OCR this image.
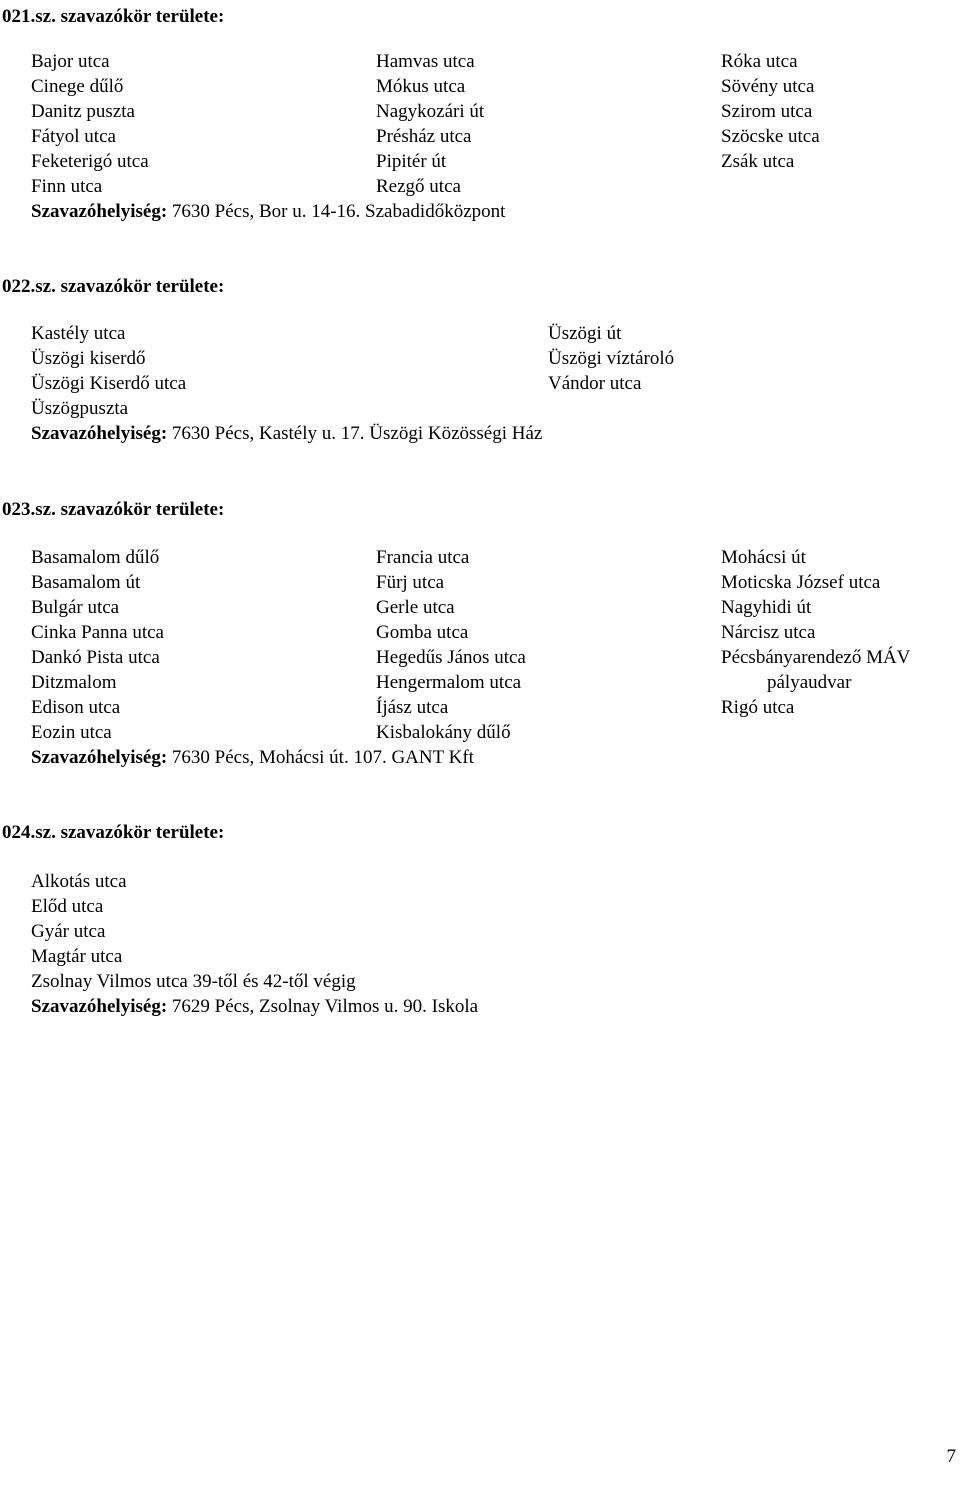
021.sz. szavazókör területe:
Bajor utca
Cinege dűlő
Danitz puszta
Fátyol utca
Feketerigó utca
Finn utca
Hamvas utca
Mókus utca
Nagykozári út
Présház utca
Pipitér út
Rezgő utca
Róka utca
Sövény utca
Szirom utca
Szöcske utca
Zsák utca
Szavazóhelyiség: 7630 Pécs, Bor u. 14-16. Szabadidőközpont
022.sz. szavazókör területe:
Kastély utca
Üszögi kiserdő
Üszögi Kiserdő utca
Üszögpuszta
Üszögi út
Üszögi víztároló
Vándor utca
Szavazóhelyiség: 7630 Pécs, Kastély u. 17. Üszögi Közösségi Ház
023.sz. szavazókör területe:
Basamalom dűlő
Basamalom út
Bulgár utca
Cinka Panna utca
Dankó Pista utca
Ditzmalom
Edison utca
Eozin utca
Francia utca
Fürj utca
Gerle utca
Gomba utca
Hegedűs János utca
Hengermalom utca
Íjász utca
Kisbalokány dűlő
Mohácsi út
Moticska József utca
Nagyhidi út
Nárcisz utca
Pécsbányarendező MÁV
pályaudvar
Rigó utca
Szavazóhelyiség: 7630 Pécs, Mohácsi út. 107. GANT Kft
024.sz. szavazókör területe:
Alkotás utca
Előd utca
Gyár utca
Magtár utca
Zsolnay Vilmos utca 39-től és 42-től végig
Szavazóhelyiség: 7629 Pécs, Zsolnay Vilmos u. 90. Iskola
7
